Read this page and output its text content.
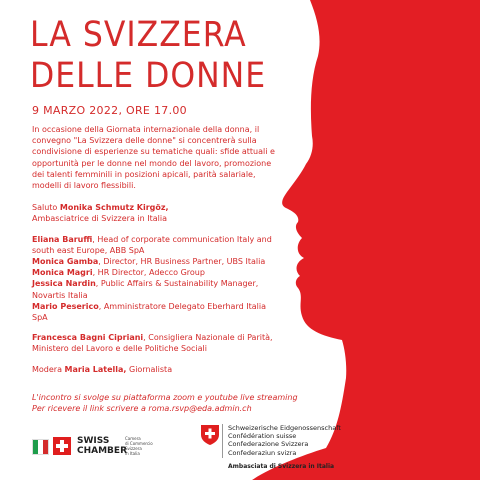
LA SVIZZERA
DELLE DONNE
9 MARZO 2022, ORE 17.00

In occasione della Giornata internazionale della donna, il convegno "La Svizzera delle donne" si concentrerà sulla condivisione di esperienze su tematiche quali: sfide attuali e opportunità per le donne nel mondo del lavoro, promozione dei talenti femminili in posizioni apicali, parità salariale, modelli di lavoro flessibili.

Saluto Monika Schmutz Kirgöz,
Ambasciatrice di Svizzera in Italia

Eliana Baruffi, Head of corporate communication Italy and south east Europe, ABB SpA

Monica Gamba, Director, HR Business Partner, UBS Italia

Monica Magri, HR Director, Adecco Group

Jessica Nardin, Public Affairs & Sustainability Manager, Novartis Italia

Mario Peserico, Amministratore Delegato Eberhard Italia SpA

Francesca Bagni Cipriani, Consigliera Nazionale di Parità, Ministero del Lavoro e delle Politiche Sociali

Modera Maria Latella, Giornalista

L'incontro si svolge su piattaforma zoom e youtube live streaming
Per ricevere il link scrivere a roma.rsvp@eda.admin.ch
SWISS
CHAMBER
Camera
di Commercio
Svizzera
in Italia
Schweizerische Eidgenossenschaft
Confédération suisse
Confederazione Svizzera
Confederaziun svizra
Ambasciata di Svizzera in Italia
